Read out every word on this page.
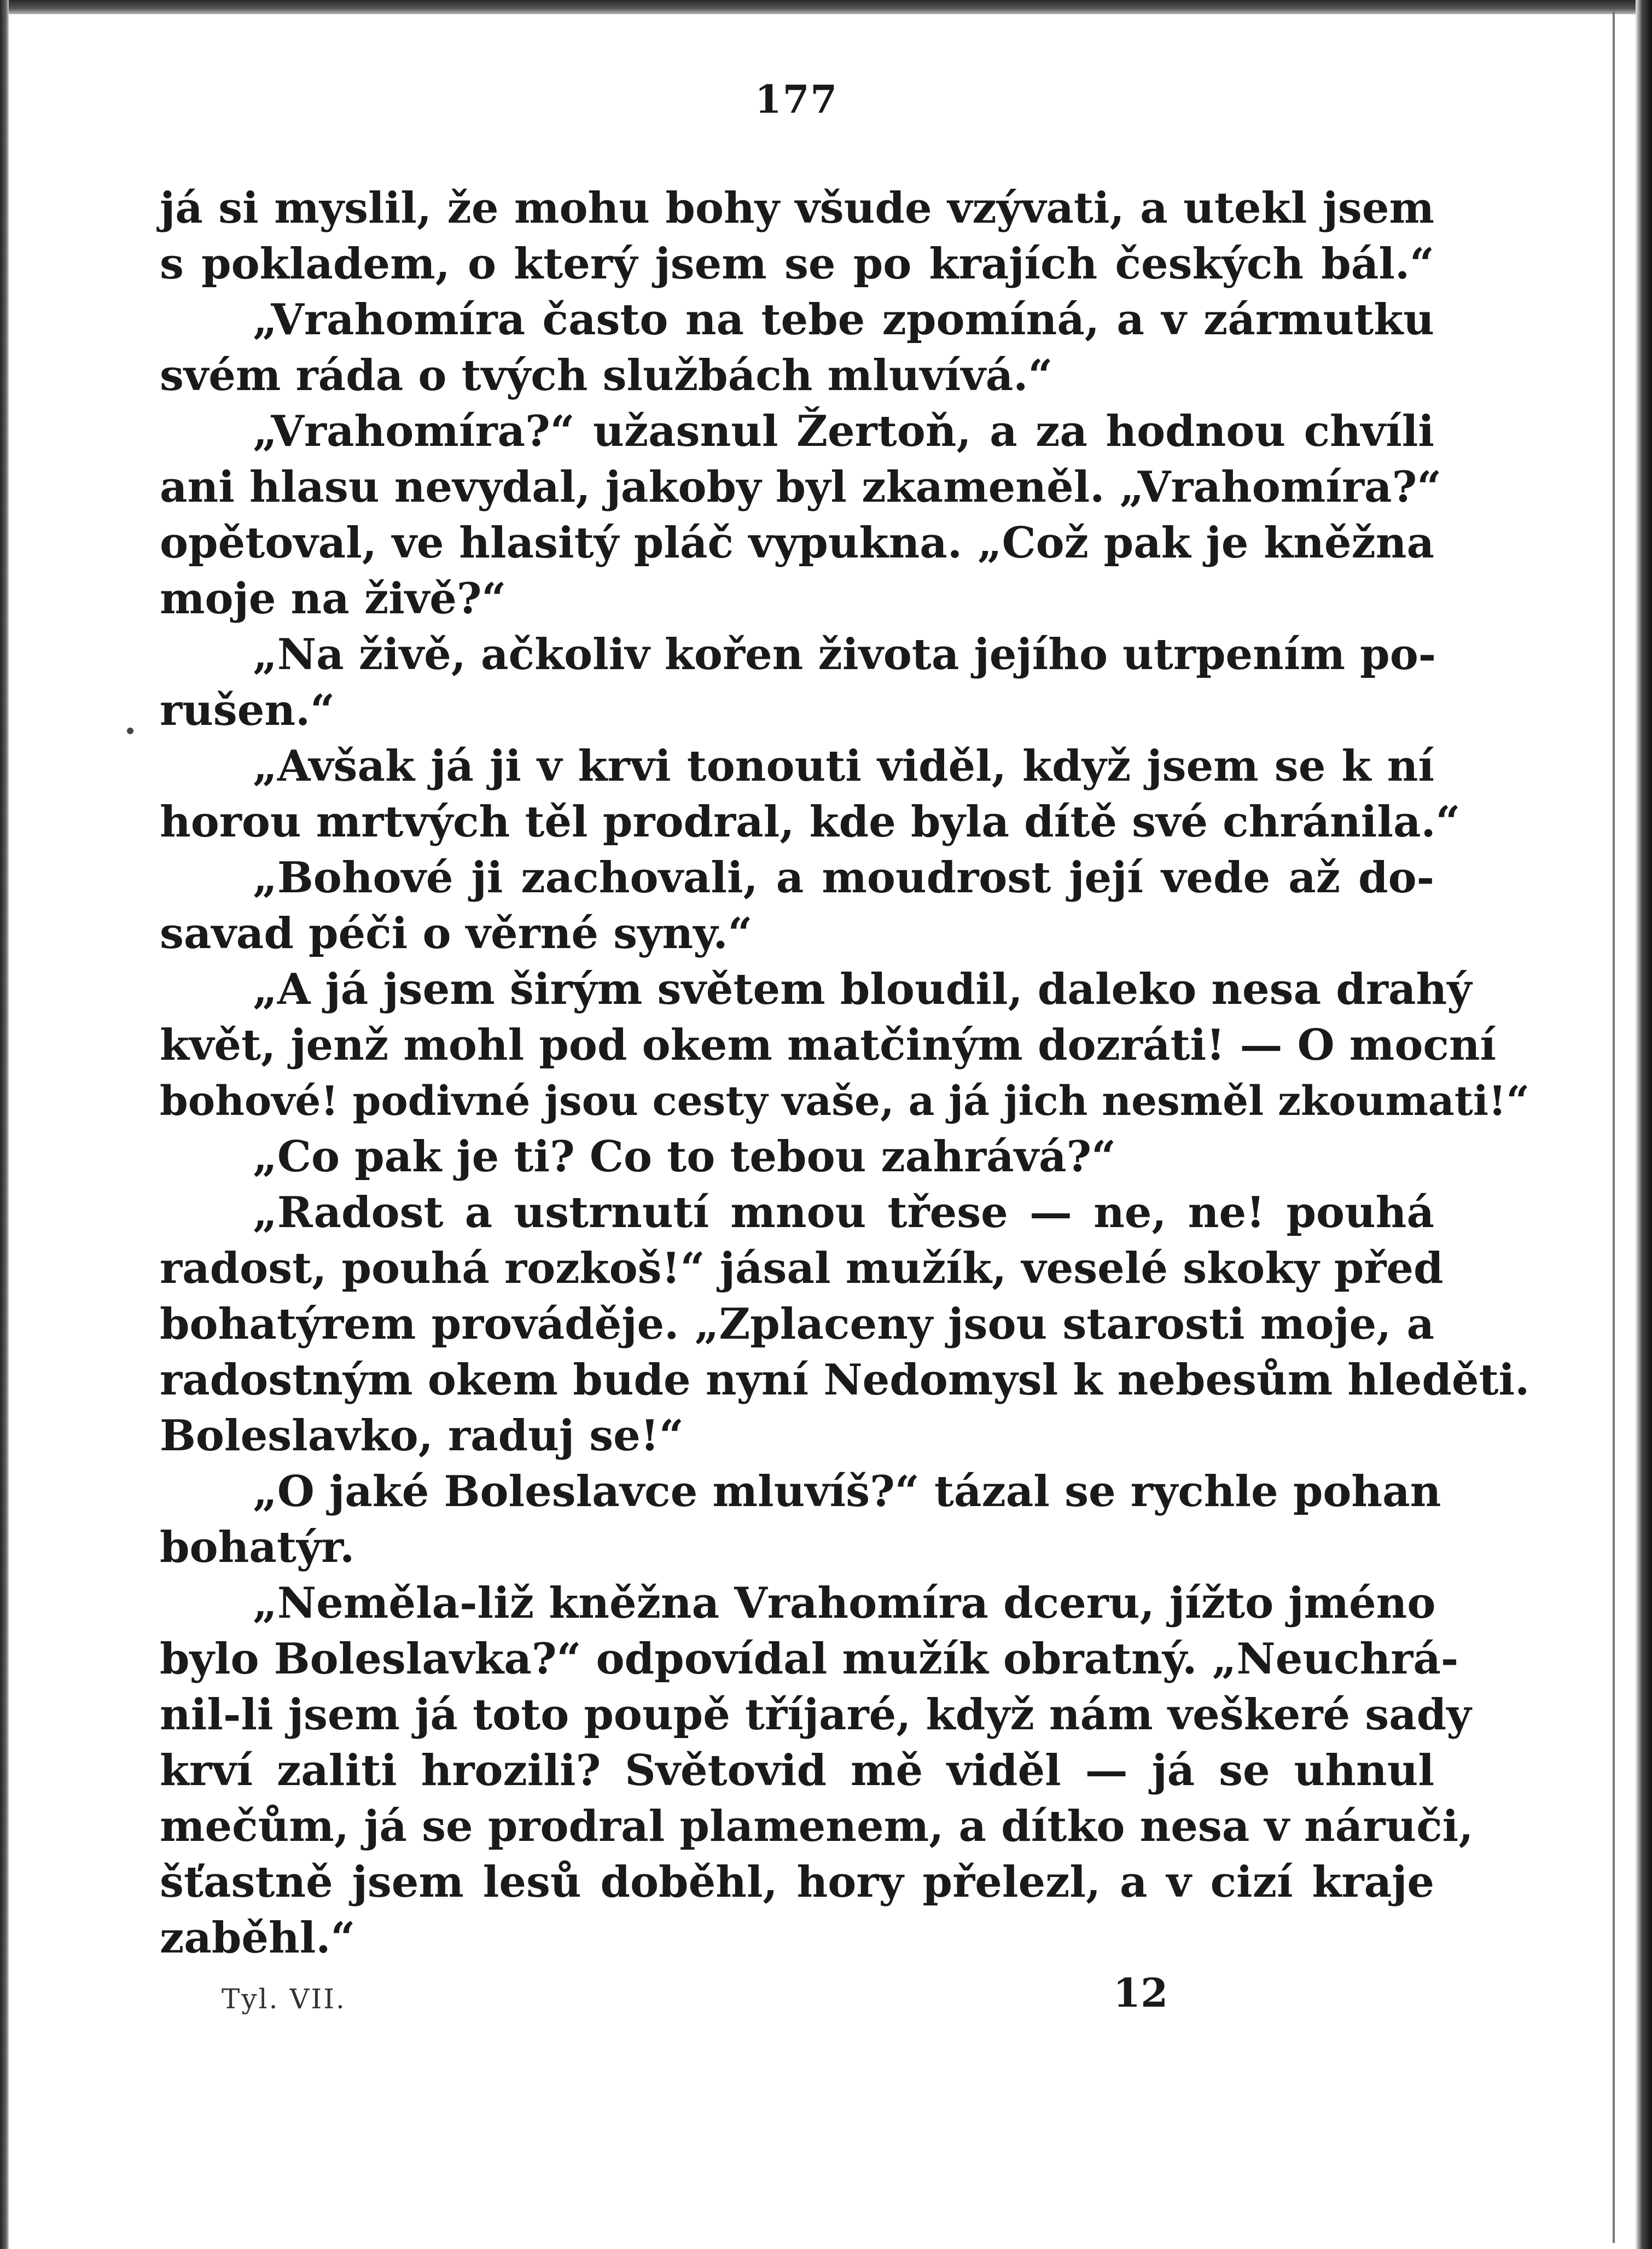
177
já si myslil, že mohu bohy všude vzývati, a utekl jsem
s pokladem, o který jsem se po krajích českých bál.“
„Vrahomíra často na tebe zpomíná, a v zármutku
svém ráda o tvých službách mluvívá.“
„Vrahomíra?“ užasnul Žertoň, a za hodnou chvíli
ani hlasu nevydal, jakoby byl zkameněl. „Vrahomíra?“
opětoval, ve hlasitý pláč vypukna. „Což pak je kněžna
moje na živě?“
„Na živě, ačkoliv kořen života jejího utrpením po-
rušen.“
„Avšak já ji v krvi tonouti viděl, když jsem se k ní
horou mrtvých těl prodral, kde byla dítě své chránila.“
„Bohové ji zachovali, a moudrost její vede až do-
savad péči o věrné syny.“
„A já jsem širým světem bloudil, daleko nesa drahý
květ, jenž mohl pod okem matčiným dozráti! — O mocní
bohové! podivné jsou cesty vaše, a já jich nesměl zkoumati!“
„Co pak je ti? Co to tebou zahrává?“
„Radost a ustrnutí mnou třese — ne, ne! pouhá
radost, pouhá rozkoš!“ jásal mužík, veselé skoky před
bohatýrem prováděje. „Zplaceny jsou starosti moje, a
radostným okem bude nyní Nedomysl k nebesům hleděti.
Boleslavko, raduj se!“
„O jaké Boleslavce mluvíš?“ tázal se rychle pohan
bohatýr.
„Neměla-liž kněžna Vrahomíra dceru, jížto jméno
bylo Boleslavka?“ odpovídal mužík obratný. „Neuchrá-
nil-li jsem já toto poupě tříjaré, když nám veškeré sady
krví zaliti hrozili? Světovid mě viděl — já se uhnul
mečům, já se prodral plamenem, a dítko nesa v náruči,
šťastně jsem lesů doběhl, hory přelezl, a v cizí kraje
zaběhl.“
Tyl. VII.	12
